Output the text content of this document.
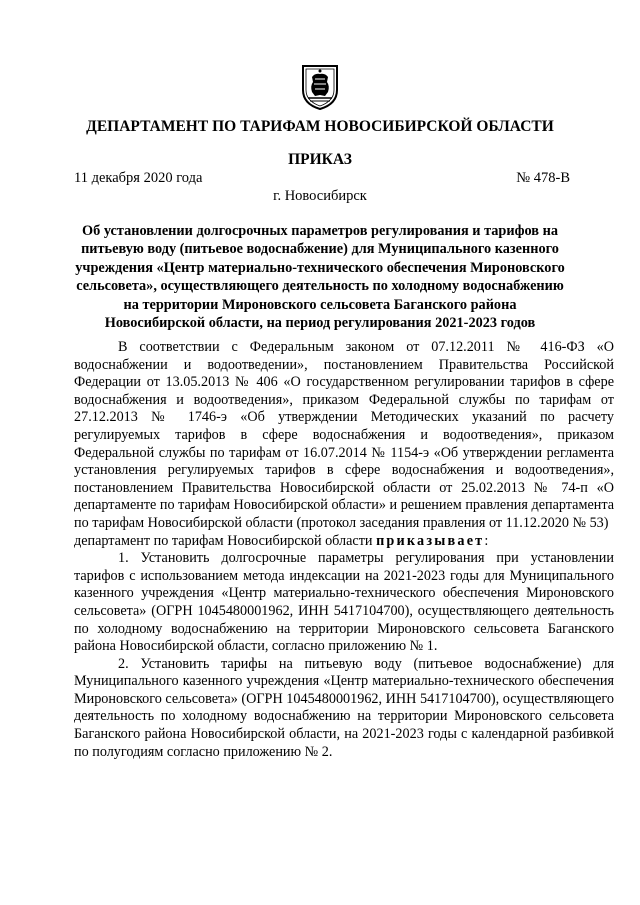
ДЕПАРТАМЕНТ ПО ТАРИФАМ НОВОСИБИРСКОЙ ОБЛАСТИ
ПРИКАЗ
11 декабря 2020 года	№ 478-В
г. Новосибирск
Об установлении долгосрочных параметров регулирования и тарифов на питьевую воду (питьевое водоснабжение) для Муниципального казенного учреждения «Центр материально-технического обеспечения Мироновского сельсовета», осуществляющего деятельность по холодному водоснабжению на территории Мироновского сельсовета Баганского района Новосибирской области, на период регулирования 2021-2023 годов

В соответствии с Федеральным законом от 07.12.2011 № 416-ФЗ «О водоснабжении и водоотведении», постановлением Правительства Российской Федерации от 13.05.2013 № 406 «О государственном регулировании тарифов в сфере водоснабжения и водоотведения», приказом Федеральной службы по тарифам от 27.12.2013 № 1746-э «Об утверждении Методических указаний по расчету регулируемых тарифов в сфере водоснабжения и водоотведения», приказом Федеральной службы по тарифам от 16.07.2014 № 1154-э «Об утверждении регламента установления регулируемых тарифов в сфере водоснабжения и водоотведения», постановлением Правительства Новосибирской области от 25.02.2013 № 74-п «О департаменте по тарифам Новосибирской области» и решением правления департамента по тарифам Новосибирской области (протокол заседания правления от 11.12.2020 № 53)

департамент по тарифам Новосибирской области приказывает:

1. Установить долгосрочные параметры регулирования при установлении тарифов с использованием метода индексации на 2021-2023 годы для Муниципального казенного учреждения «Центр материально-технического обеспечения Мироновского сельсовета» (ОГРН 1045480001962, ИНН 5417104700), осуществляющего деятельность по холодному водоснабжению на территории Мироновского сельсовета Баганского района Новосибирской области, согласно приложению № 1.

2. Установить тарифы на питьевую воду (питьевое водоснабжение) для Муниципального казенного учреждения «Центр материально-технического обеспечения Мироновского сельсовета» (ОГРН 1045480001962, ИНН 5417104700), осуществляющего деятельность по холодному водоснабжению на территории Мироновского сельсовета Баганского района Новосибирской области, на 2021-2023 годы с календарной разбивкой по полугодиям согласно приложению № 2.
